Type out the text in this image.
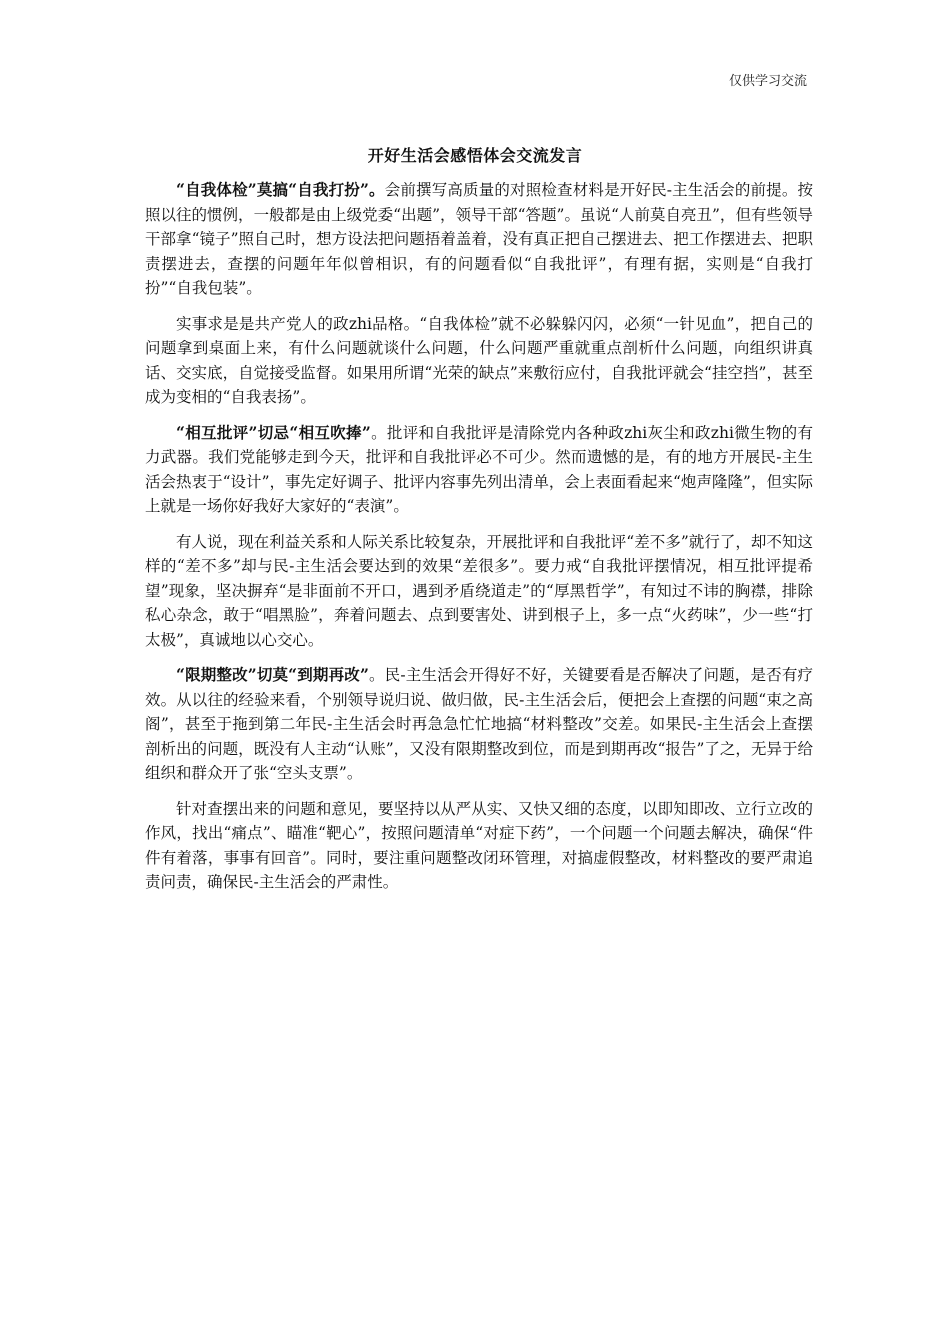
仅供学习交流
开好生活会感悟体会交流发言

“自我体检”莫搞“自我打扮”。会前撰写高质量的对照检查材料是开好民-主生活会的前提。按照以往的惯例，一般都是由上级党委“出题”，领导干部“答题”。虽说“人前莫自亮丑”，但有些领导干部拿“镜子”照自己时，想方设法把问题捂着盖着，没有真正把自己摆进去、把工作摆进去、把职责摆进去，查摆的问题年年似曾相识，有的问题看似“自我批评”，有理有据，实则是“自我打扮”“自我包装”。

实事求是是共产党人的政zhi品格。“自我体检”就不必躲躲闪闪，必须“一针见血”，把自己的问题拿到桌面上来，有什么问题就谈什么问题，什么问题严重就重点剖析什么问题，向组织讲真话、交实底，自觉接受监督。如果用所谓“光荣的缺点”来敷衍应付，自我批评就会“挂空挡”，甚至成为变相的“自我表扬”。

“相互批评”切忌“相互吹捧”。批评和自我批评是清除党内各种政zhi灰尘和政zhi微生物的有力武器。我们党能够走到今天，批评和自我批评必不可少。然而遗憾的是，有的地方开展民-主生活会热衷于“设计”，事先定好调子、批评内容事先列出清单，会上表面看起来“炮声隆隆”，但实际上就是一场你好我好大家好的“表演”。

有人说，现在利益关系和人际关系比较复杂，开展批评和自我批评“差不多”就行了，却不知这样的“差不多”却与民-主生活会要达到的效果“差很多”。要力戒“自我批评摆情况，相互批评提希望”现象，坚决摒弃“是非面前不开口，遇到矛盾绕道走”的“厚黑哲学”，有知过不讳的胸襟，排除私心杂念，敢于“唱黑脸”，奔着问题去、点到要害处、讲到根子上，多一点“火药味”，少一些“打太极”，真诚地以心交心。

“限期整改”切莫“到期再改”。民-主生活会开得好不好，关键要看是否解决了问题，是否有疗效。从以往的经验来看，个别领导说归说、做归做，民-主生活会后，便把会上查摆的问题“束之高阁”，甚至于拖到第二年民-主生活会时再急急忙忙地搞“材料整改”交差。如果民-主生活会上查摆剖析出的问题，既没有人主动“认账”，又没有限期整改到位，而是到期再改“报告”了之，无异于给组织和群众开了张“空头支票”。

针对查摆出来的问题和意见，要坚持以从严从实、又快又细的态度，以即知即改、立行立改的作风，找出“痛点”、瞄准“靶心”，按照问题清单“对症下药”，一个问题一个问题去解决，确保“件件有着落，事事有回音”。同时，要注重问题整改闭环管理，对搞虚假整改，材料整改的要严肃追责问责，确保民-主生活会的严肃性。
